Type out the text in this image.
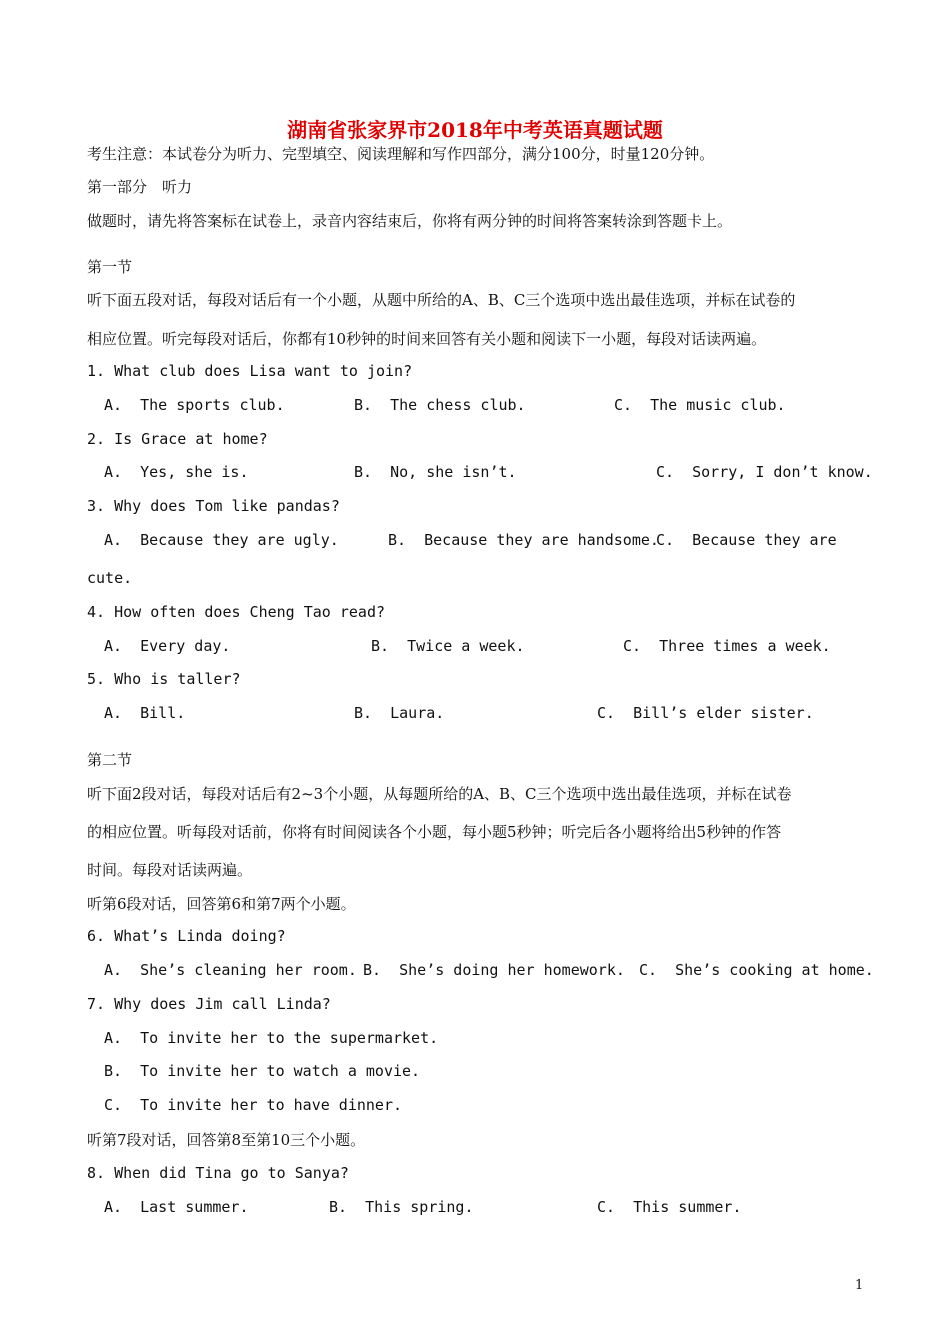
湖南省张家界市2018年中考英语真题试题
考生注意：本试卷分为听力、完型填空、阅读理解和写作四部分，满分100分，时量120分钟。
第一部分　听力
做题时，请先将答案标在试卷上，录音内容结束后，你将有两分钟的时间将答案转涂到答题卡上。
第一节
听下面五段对话，每段对话后有一个小题，从题中所给的A、B、C三个选项中选出最佳选项，并标在试卷的
相应位置。听完每段对话后，你都有10秒钟的时间来回答有关小题和阅读下一小题，每段对话读两遍。
1. What club does Lisa want to join?
A.  The sports club.	B.  The chess club.	C.  The music club.
2. Is Grace at home?
A.  Yes, she is.	B.  No, she isn’t.	C.  Sorry, I don’t know.
3. Why does Tom like pandas?
A.  Because they are ugly.	B.  Because they are handsome.
C.  Because they are
cute.
4. How often does Cheng Tao read?
A.  Every day.	B.  Twice a week.	C.  Three times a week.
5. Who is taller?
A.  Bill.	B.  Laura.	C.  Bill’s elder sister.
第二节
听下面2段对话，每段对话后有2~3个小题，从每题所给的A、B、C三个选项中选出最佳选项，并标在试卷
的相应位置。听每段对话前，你将有时间阅读各个小题，每小题5秒钟；听完后各小题将给出5秒钟的作答
时间。每段对话读两遍。
听第6段对话，回答第6和第7两个小题。
6. What’s Linda doing?
A.  She’s cleaning her room. B.  She’s doing her homework. C.  She’s cooking at home.
7. Why does Jim call Linda?
A.  To invite her to the supermarket.
B.  To invite her to watch a movie.
C.  To invite her to have dinner.
听第7段对话，回答第8至第10三个小题。
8. When did Tina go to Sanya?
A.  Last summer.	B.  This spring.	C.  This summer.
1
